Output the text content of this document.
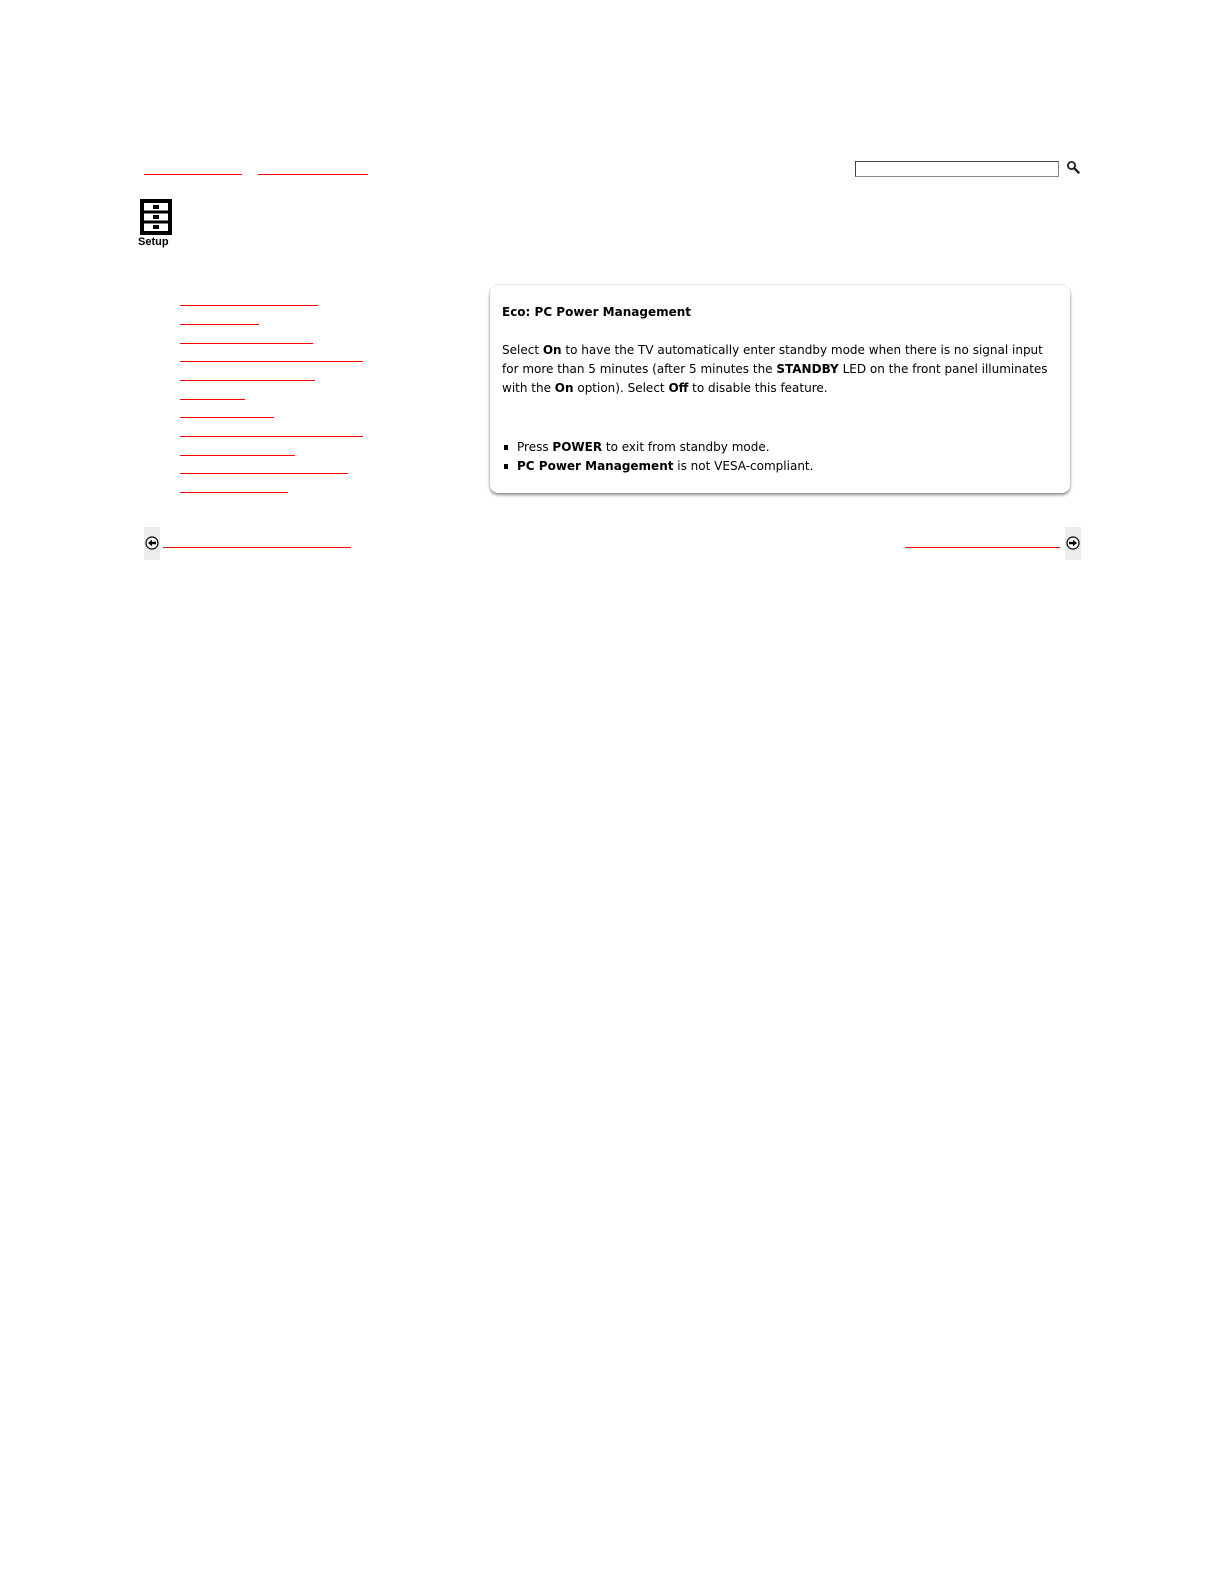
Setup

Eco: PC Power Management

Select On to have the TV automatically enter standby mode when there is no signal input for more than 5 minutes (after 5 minutes the STANDBY LED on the front panel illuminates with the On option). Select Off to disable this feature.

Press POWER to exit from standby mode.
PC Power Management is not VESA-compliant.
